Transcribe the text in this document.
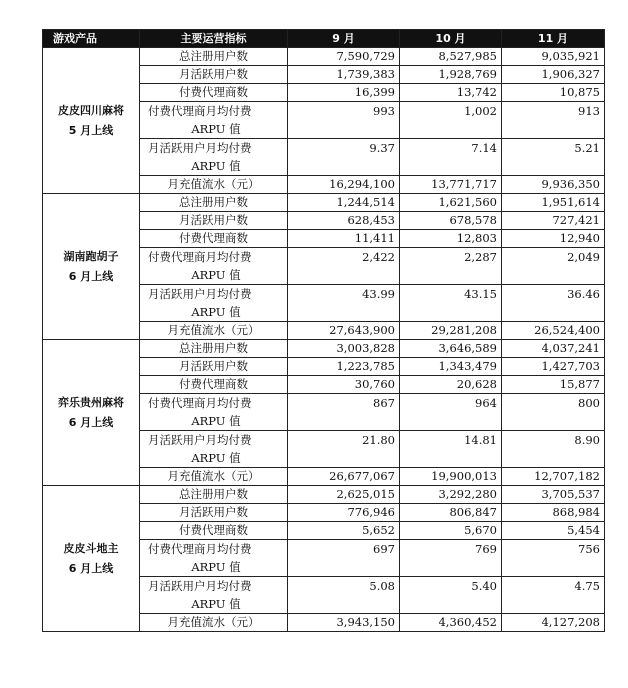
游戏产品	主要运营指标	9 月	10 月	11 月

皮皮四川麻将
5 月上线	总注册用户数	7,590,729	8,527,985	9,035,921
	月活跃用户数	1,739,383	1,928,769	1,906,327
	付费代理商数	16,399	13,742	10,875

	付费代理商月均付费
ARPU 值	993	1,002	913

	月活跃用户月均付费
ARPU 值	9.37	7.14	5.21
	月充值流水（元）	16,294,100	13,771,717	9,936,350

湖南跑胡子
6 月上线	总注册用户数	1,244,514	1,621,560	1,951,614
	月活跃用户数	628,453	678,578	727,421
	付费代理商数	11,411	12,803	12,940

	付费代理商月均付费
ARPU 值	2,422	2,287	2,049

	月活跃用户月均付费
ARPU 值	43.99	43.15	36.46
	月充值流水（元）	27,643,900	29,281,208	26,524,400

弈乐贵州麻将
6 月上线	总注册用户数	3,003,828	3,646,589	4,037,241
	月活跃用户数	1,223,785	1,343,479	1,427,703
	付费代理商数	30,760	20,628	15,877

	付费代理商月均付费
ARPU 值	867	964	800

	月活跃用户月均付费
ARPU 值	21.80	14.81	8.90
	月充值流水（元）	26,677,067	19,900,013	12,707,182

皮皮斗地主
6 月上线	总注册用户数	2,625,015	3,292,280	3,705,537
	月活跃用户数	776,946	806,847	868,984
	付费代理商数	5,652	5,670	5,454

	付费代理商月均付费
ARPU 值	697	769	756

	月活跃用户月均付费
ARPU 值	5.08	5.40	4.75
	月充值流水（元）	3,943,150	4,360,452	4,127,208
